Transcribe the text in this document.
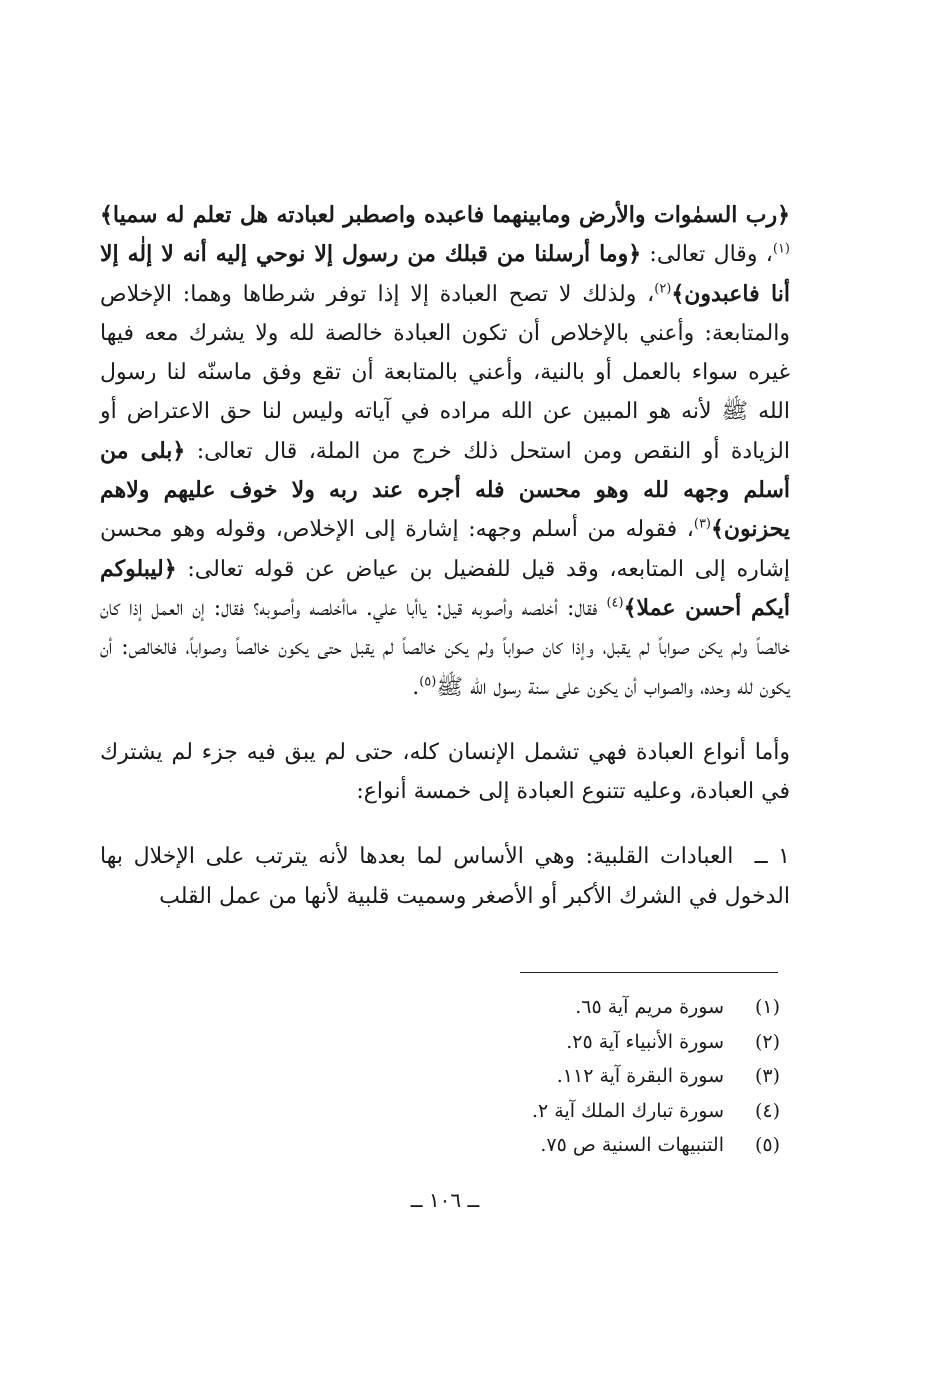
﴿رب السمٰوات والأرض ومابينهما فاعبده واصطبر لعبادته هل تعلم له سميا﴾$^{(١)}$، وقال تعالى: ﴿وما أرسلنا من قبلك من رسول إلا نوحي إليه أنه لا إلٰه إلا أنا فاعبدون﴾$^{(٢)}$، ولذلك لا تصح العبادة إلا إذا توفر شرطاها وهما: الإخلاص والمتابعة: وأعني بالإخلاص أن تكون العبادة خالصة لله ولا يشرك معه فيها غيره سواء بالعمل أو بالنية، وأعني بالمتابعة أن تقع وفق ماسنّه لنا رسول الله ﷺ لأنه هو المبين عن الله مراده في آياته وليس لنا حق الاعتراض أو الزيادة أو النقص ومن استحل ذلك خرج من الملة، قال تعالى: ﴿بلى من أسلم وجهه لله وهو محسن فله أجره عند ربه ولا خوف عليهم ولاهم يحزنون﴾$^{(٣)}$، فقوله من أسلم وجهه: إشارة إلى الإخلاص، وقوله وهو محسن إشاره إلى المتابعه، وقد قيل للفضيل بن عياض عن قوله تعالى: ﴿ليبلوكم أيكم أحسن عملا﴾$^{(٤)}$ فقال: أخلصه وأصوبه قيل: ياأبا علي. ماأخلصه وأصوبه؟ فقال: إن العمل إذا كان خالصاً ولم يكن صواباً لم يقبل، وإذا كان صواباً ولم يكن خالصاً لم يقبل حتى يكون خالصاً وصواباً، فالخالص: أن يكون لله وحده، والصواب أن يكون على سنة رسول الله ﷺ$^{(٥)}$.

وأما أنواع العبادة فهي تشمل الإنسان كله، حتى لم يبق فيه جزء لم يشترك في العبادة، وعليه تتنوع العبادة إلى خمسة أنواع:

١ ــ  العبادات القلبية: وهي الأساس لما بعدها لأنه يترتب على الإخلال بها الدخول في الشرك الأكبر أو الأصغر وسميت قلبية لأنها من عمل القلب

(١)
سورة مريم آية ٦٥.
(٢)
سورة الأنبياء آية ٢٥.
(٣)
سورة البقرة آية ١١٢.
(٤)
سورة تبارك الملك آية ٢.
(٥)
التنبيهات السنية ص ٧٥.
ــ ١٠٦ ــ
